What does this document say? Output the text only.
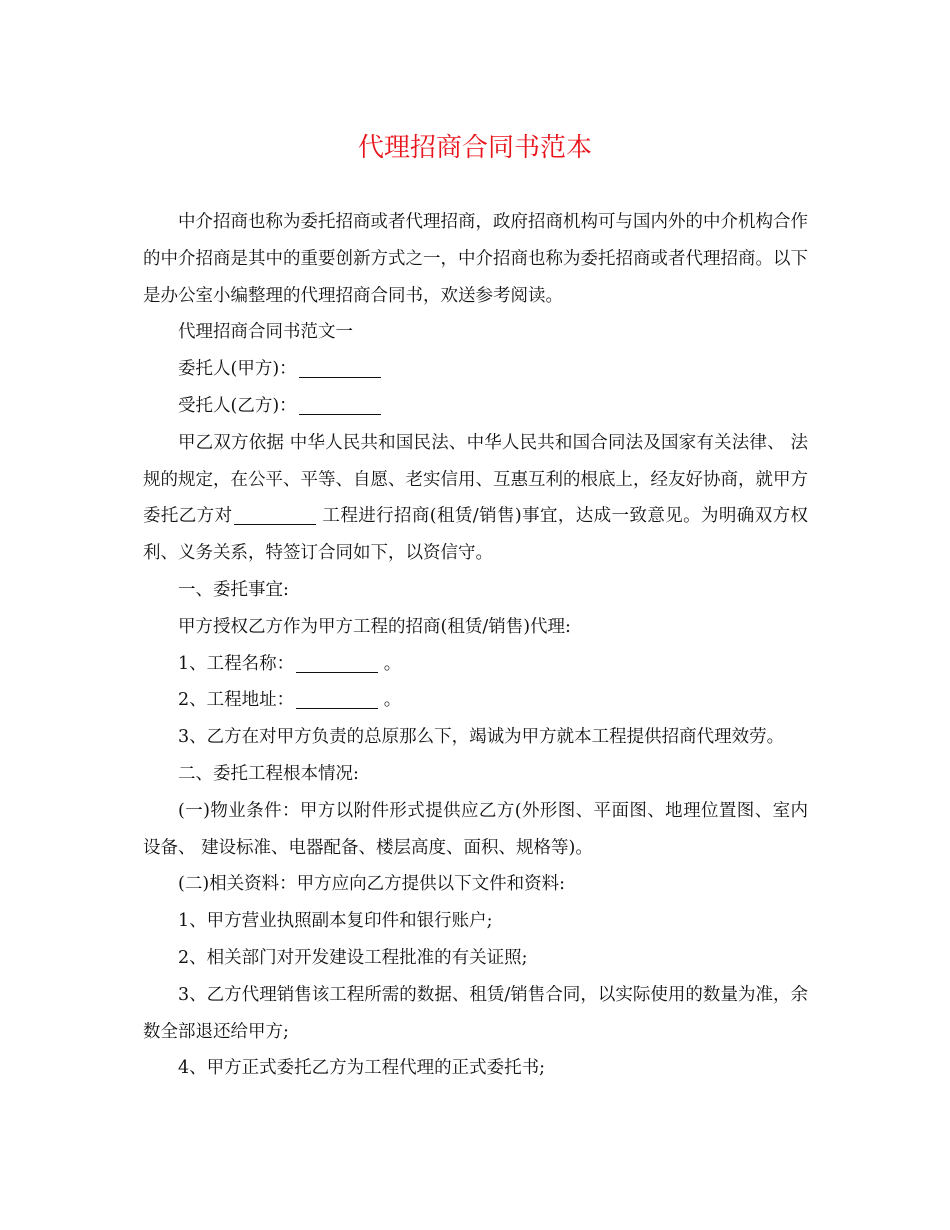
代理招商合同书范本

中介招商也称为委托招商或者代理招商，政府招商机构可与国内外的中介机构合作的中介招商是其中的重要创新方式之一，中介招商也称为委托招商或者代理招商。以下是办公室小编整理的代理招商合同书，欢送参考阅读。

代理招商合同书范文一

委托人(甲方)：

受托人(乙方)：

甲乙双方依据 中华人民共和国民法、中华人民共和国合同法及国家有关法律、 法规的规定，在公平、平等、自愿、老实信用、互惠互利的根底上，经友好协商，就甲方委托乙方对	工程进行招商(租赁/销售)事宜，达成一致意见。为明确双方权利、义务关系，特签订合同如下，以资信守。

一、委托事宜:

甲方授权乙方作为甲方工程的招商(租赁/销售)代理:

1、工程名称：	。

2、工程地址：	。

3、乙方在对甲方负责的总原那么下，竭诚为甲方就本工程提供招商代理效劳。

二、委托工程根本情况:

(一)物业条件：甲方以附件形式提供应乙方(外形图、平面图、地理位置图、室内设备、 建设标准、电器配备、楼层高度、面积、规格等)。

(二)相关资料：甲方应向乙方提供以下文件和资料:

1、甲方营业执照副本复印件和银行账户;

2、相关部门对开发建设工程批准的有关证照;

3、乙方代理销售该工程所需的数据、租赁/销售合同，以实际使用的数量为准，余数全部退还给甲方;

4、甲方正式委托乙方为工程代理的正式委托书;
